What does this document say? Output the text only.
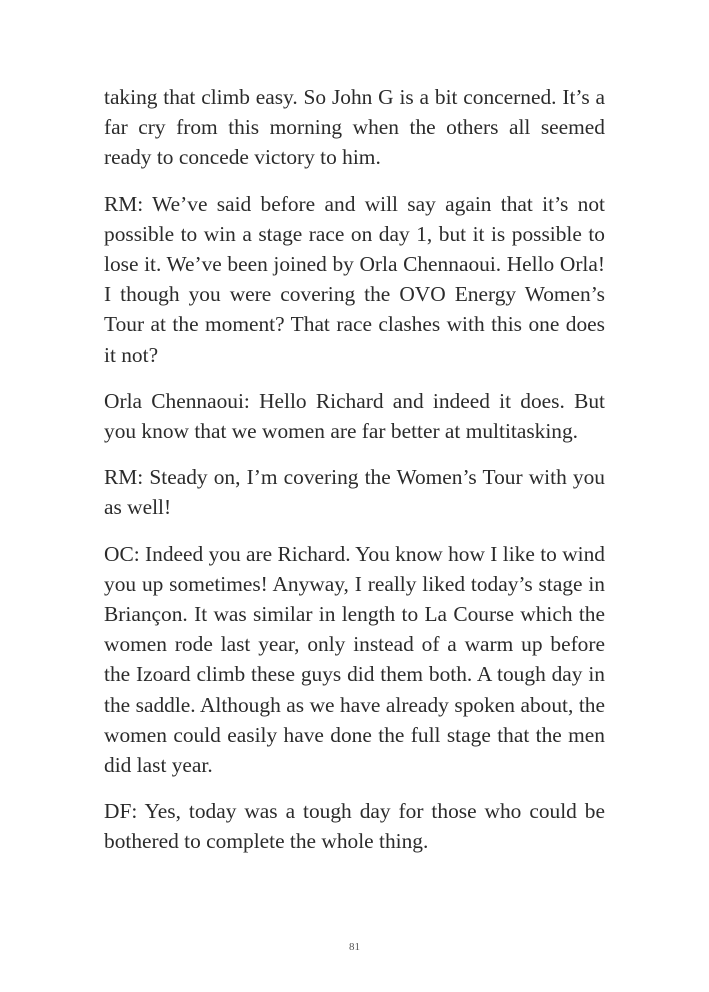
taking that climb easy. So John G is a bit concerned. It’s a far cry from this morning when the others all seemed ready to concede victory to him.

RM: We’ve said before and will say again that it’s not possible to win a stage race on day 1, but it is possible to lose it. We’ve been joined by Orla Chennaoui. Hello Orla! I though you were covering the OVO Energy Women’s Tour at the moment? That race clashes with this one does it not?

Orla Chennaoui: Hello Richard and indeed it does. But you know that we women are far better at multitasking.

RM: Steady on, I’m covering the Women’s Tour with you as well!

OC: Indeed you are Richard. You know how I like to wind you up sometimes! Anyway, I really liked today’s stage in Briançon. It was similar in length to La Course which the women rode last year, only instead of a warm up before the Izoard climb these guys did them both. A tough day in the saddle. Although as we have already spoken about, the women could easily have done the full stage that the men did last year.

DF: Yes, today was a tough day for those who could be bothered to complete the whole thing.

81
